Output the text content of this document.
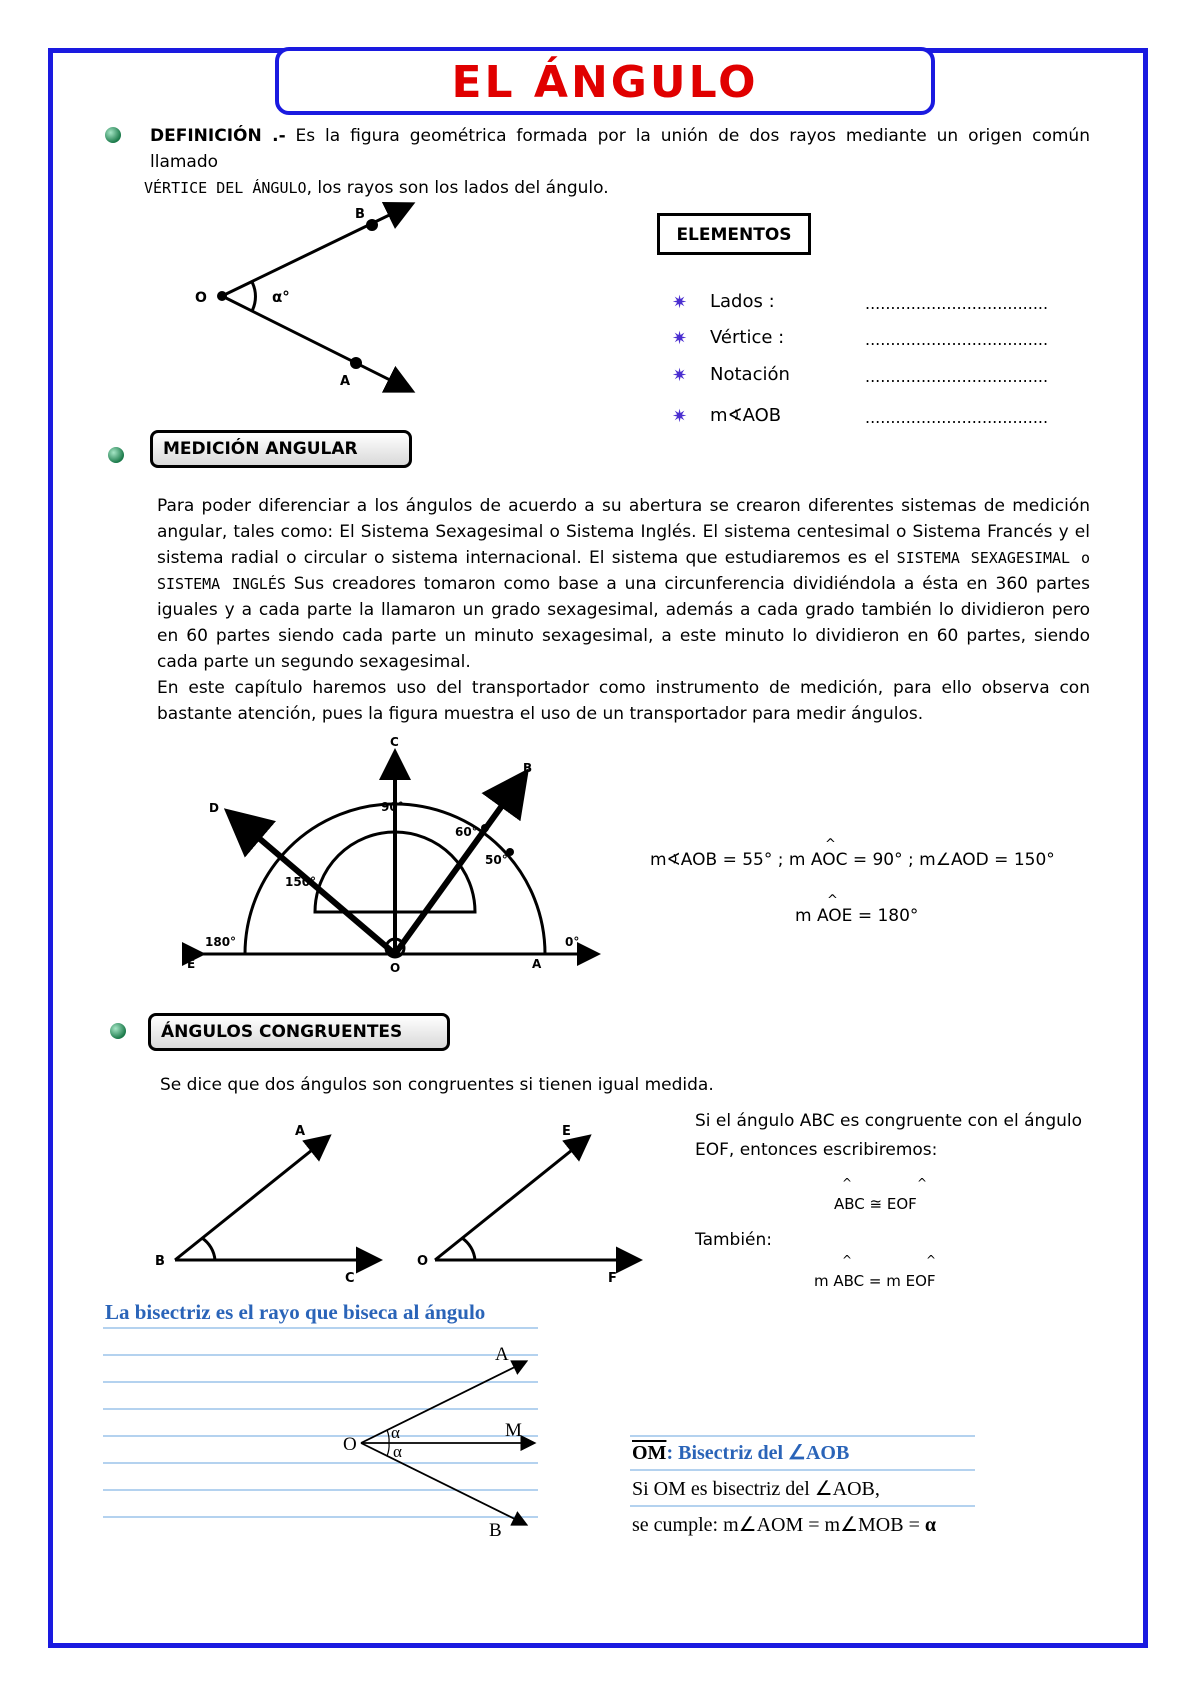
EL ÁNGULO
DEFINICIÓN .- Es la figura geométrica formada por la unión de dos rayos mediante un origen común llamado
VÉRTICE DEL ÁNGULO, los rayos son los lados del ángulo.
O
B
A
α°
ELEMENTOS
✷ Lados :	....................................
✷ Vértice :	....................................
✷ Notación	....................................
✷ m∢AOB	....................................
MEDICIÓN ANGULAR
Para poder diferenciar a los ángulos de acuerdo a su abertura se crearon diferentes sistemas de medición angular, tales como: El Sistema Sexagesimal o Sistema Inglés. El sistema centesimal o Sistema Francés y el sistema radial o circular o sistema internacional. El sistema que estudiaremos es el SISTEMA SEXAGESIMAL o SISTEMA INGLÉS Sus creadores tomaron como base a una circunferencia dividiéndola a ésta en 360 partes iguales y a cada parte la llamaron un grado sexagesimal, además a cada grado también lo dividieron pero en 60 partes siendo cada parte un minuto sexagesimal, a este minuto lo dividieron en 60 partes, siendo cada parte un segundo sexagesimal.
En este capítulo haremos uso del transportador como instrumento de medición, para ello observa con bastante atención, pues la figura muestra el uso de un transportador para medir ángulos.
C
B
D
E	O	A
90°
60°
50°
150°
180°	0°
m∢AOB = 55° ; m AOC = 90° ; m∠AOD = 150°
^
m AOE = 180°
^
ÁNGULOS CONGRUENTES
Se dice que dos ángulos son congruentes si tienen igual medida.
A
B
C
E
O
F
Si el ángulo ABC es congruente con el ángulo EOF, entonces escribiremos:
^	^
ABC ≅ EOF
También:
^	^
m ABC = m EOF
La bisectriz es el rayo que biseca al ángulo
O
A
M
B
α
α	$\overline{OM}$: Bisectriz del ∠AOB
Si OM es bisectriz del ∠AOB,
se cumple: m∠AOM = m∠MOB = α
